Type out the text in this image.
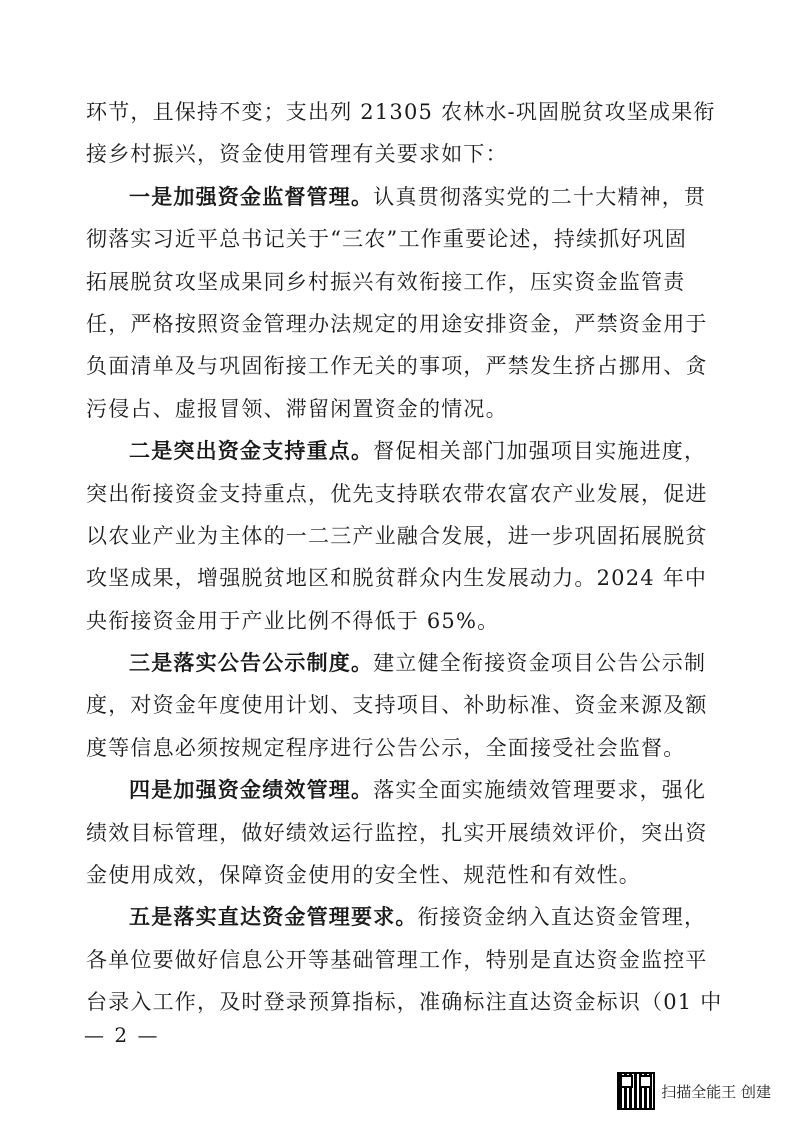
环节，且保持不变；支出列 21305 农林水-巩固脱贫攻坚成果衔
接乡村振兴，资金使用管理有关要求如下：
一是加强资金监督管理。认真贯彻落实党的二十大精神，贯
彻落实习近平总书记关于“三农”工作重要论述，持续抓好巩固
拓展脱贫攻坚成果同乡村振兴有效衔接工作，压实资金监管责
任，严格按照资金管理办法规定的用途安排资金，严禁资金用于
负面清单及与巩固衔接工作无关的事项，严禁发生挤占挪用、贪
污侵占、虚报冒领、滞留闲置资金的情况。
二是突出资金支持重点。督促相关部门加强项目实施进度，
突出衔接资金支持重点，优先支持联农带农富农产业发展，促进
以农业产业为主体的一二三产业融合发展，进一步巩固拓展脱贫
攻坚成果，增强脱贫地区和脱贫群众内生发展动力。2024 年中
央衔接资金用于产业比例不得低于 65%。
三是落实公告公示制度。建立健全衔接资金项目公告公示制
度，对资金年度使用计划、支持项目、补助标准、资金来源及额
度等信息必须按规定程序进行公告公示，全面接受社会监督。
四是加强资金绩效管理。落实全面实施绩效管理要求，强化
绩效目标管理，做好绩效运行监控，扎实开展绩效评价，突出资
金使用成效，保障资金使用的安全性、规范性和有效性。
五是落实直达资金管理要求。衔接资金纳入直达资金管理，
各单位要做好信息公开等基础管理工作，特别是直达资金监控平
台录入工作，及时登录预算指标，准确标注直达资金标识（01 中
— 2 —
扫描全能王 创建
